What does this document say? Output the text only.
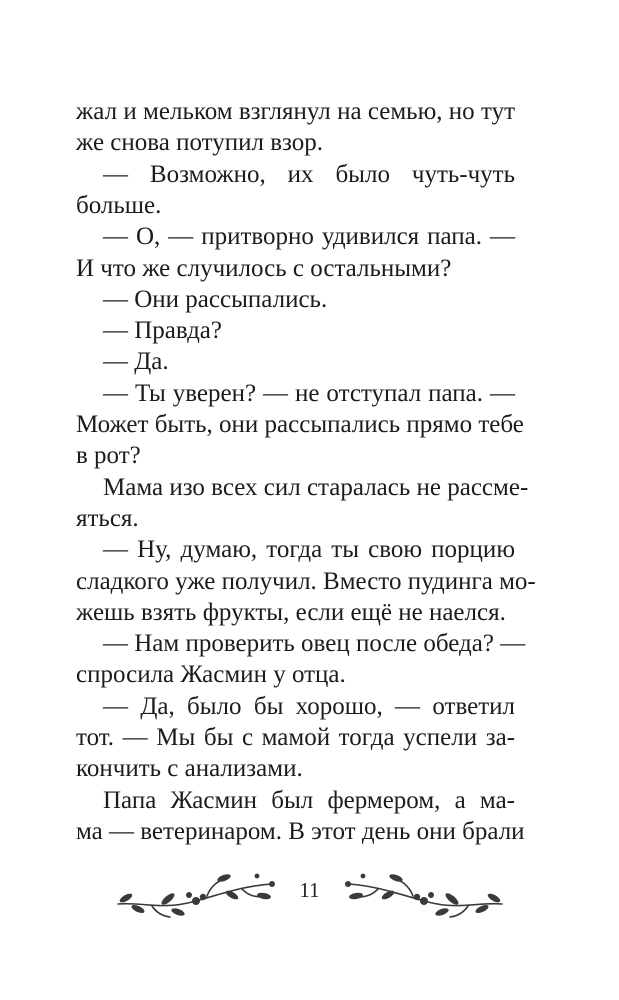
жал и мельком взглянул на семью, но тут
же снова потупил взор.
— Возможно, их было чуть-чуть
больше.
— О, — притворно удивился папа. —
И что же случилось с остальными?
— Они рассыпались.
— Правда?
— Да.
— Ты уверен? — не отступал папа. —
Может быть, они рассыпались прямо тебе
в рот?
Мама изо всех сил старалась не рассме-
яться.
— Ну, думаю, тогда ты свою порцию
сладкого уже получил. Вместо пудинга мо-
жешь взять фрукты, если ещё не наелся.
— Нам проверить овец после обеда? —
спросила Жасмин у отца.
— Да, было бы хорошо, — ответил
тот. — Мы бы с мамой тогда успели за-
кончить с анализами.
Папа Жасмин был фермером, а ма-
ма — ветеринаром. В этот день они брали
11
